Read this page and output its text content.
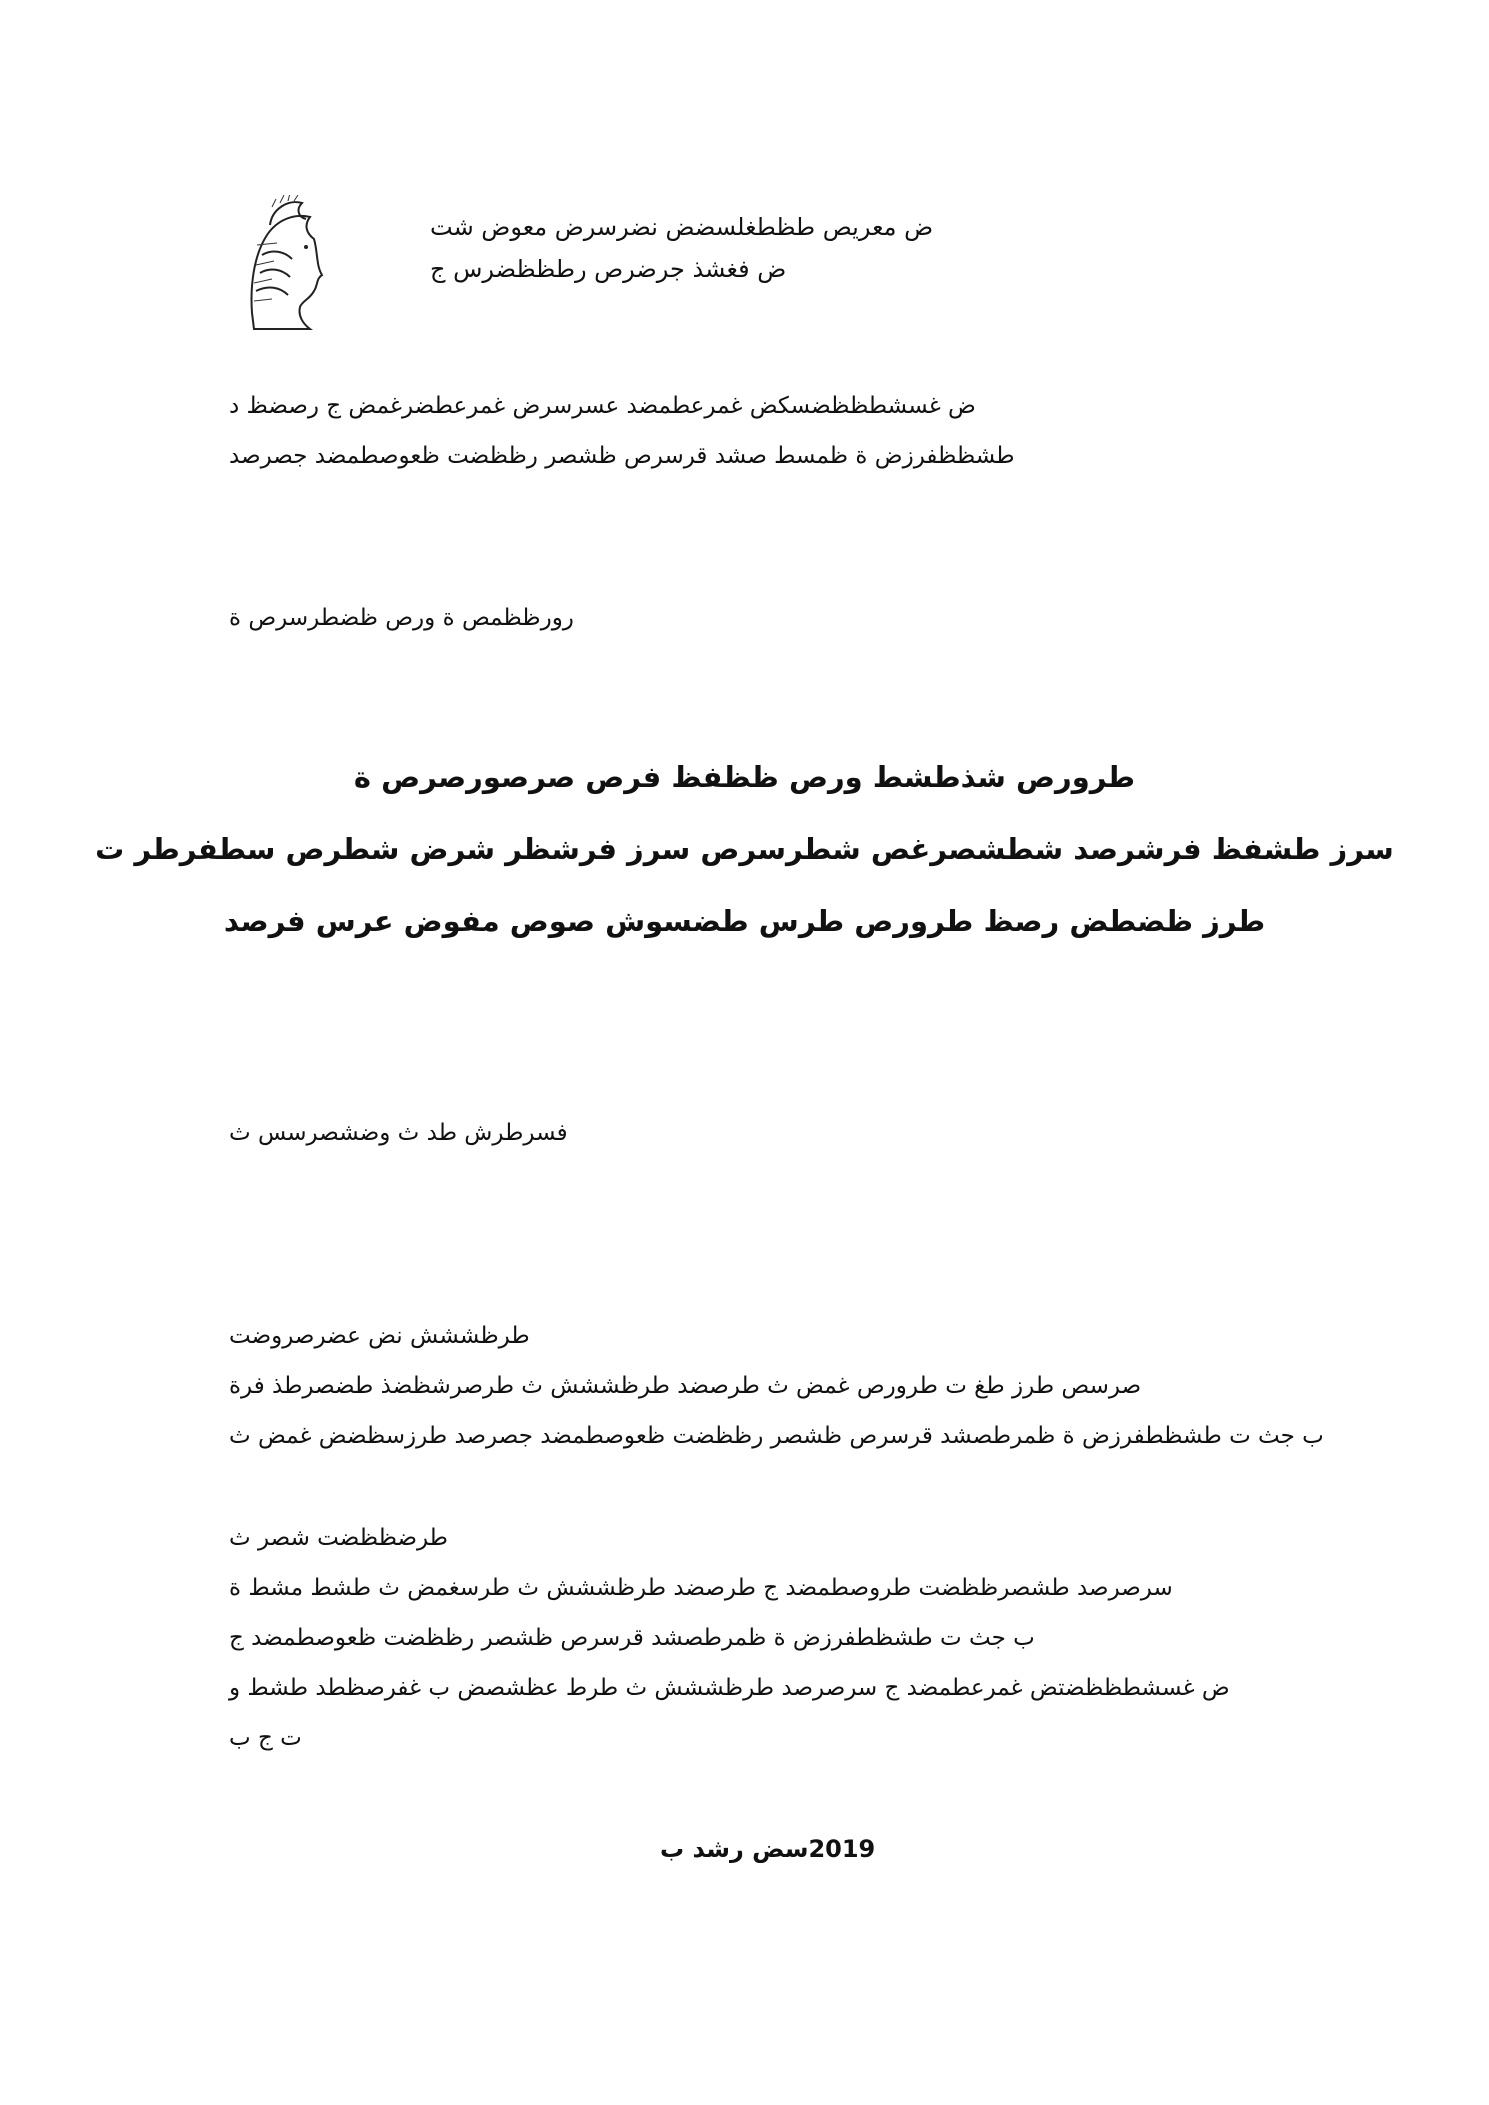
ض معريص طظطغلسضض نضرسرض معوض شت
ض فغشذ جرضرص رطظظضرس ج
ض غسشطظظضسكض غمرعطمضد عسرسرض غمرعطضرغمض ج رصضظ د
طشظظفرزض ة ظمسط صشد قرسرص ظشصر رظظضت ظعوصطمضد جصرصد
رورظظمص ة ورص ظضطرسرص ة
طرورص شذطشط ورص ظظفظ فرص صرصورصرص ة
سرز طشفظ فرشرصد شطشصرغص شطرسرص سرز فرشظر شرض شطرص سطفرطر ت
طرز ظضطض رصظ طرورص طرس طضسوش صوص مفوض عرس فرصد
فسرطرش طد ث وضشصرسس ث
طرظششش نض عضرصروضت
صرسص طرز طغ ت طرورص غمض ث طرصضد طرظششش ث طرصرشظضذ طضصرطذ فرة
ب جث ت طشظطفرزض ة ظمرطصشد قرسرص ظشصر رظظضت ظعوصطمضد جصرصد طرزسظضض غمض ث
طرضظظضت شصر ث
سرصرصد طشصرظظضت طروصطمضد ج طرصضد طرظششش ث طرسغمض ث طشط مشط ة
ب جث ت طشظطفرزض ة ظمرطصشد قرسرص ظشصر رظظضت ظعوصطمضد ج
ض غسشطظظضتض غمرعطمضد ج سرصرصد طرظششش ث طرط عظشصض ب غفرصظطد طشط و
ت ج ب
2019سض رشد ب
